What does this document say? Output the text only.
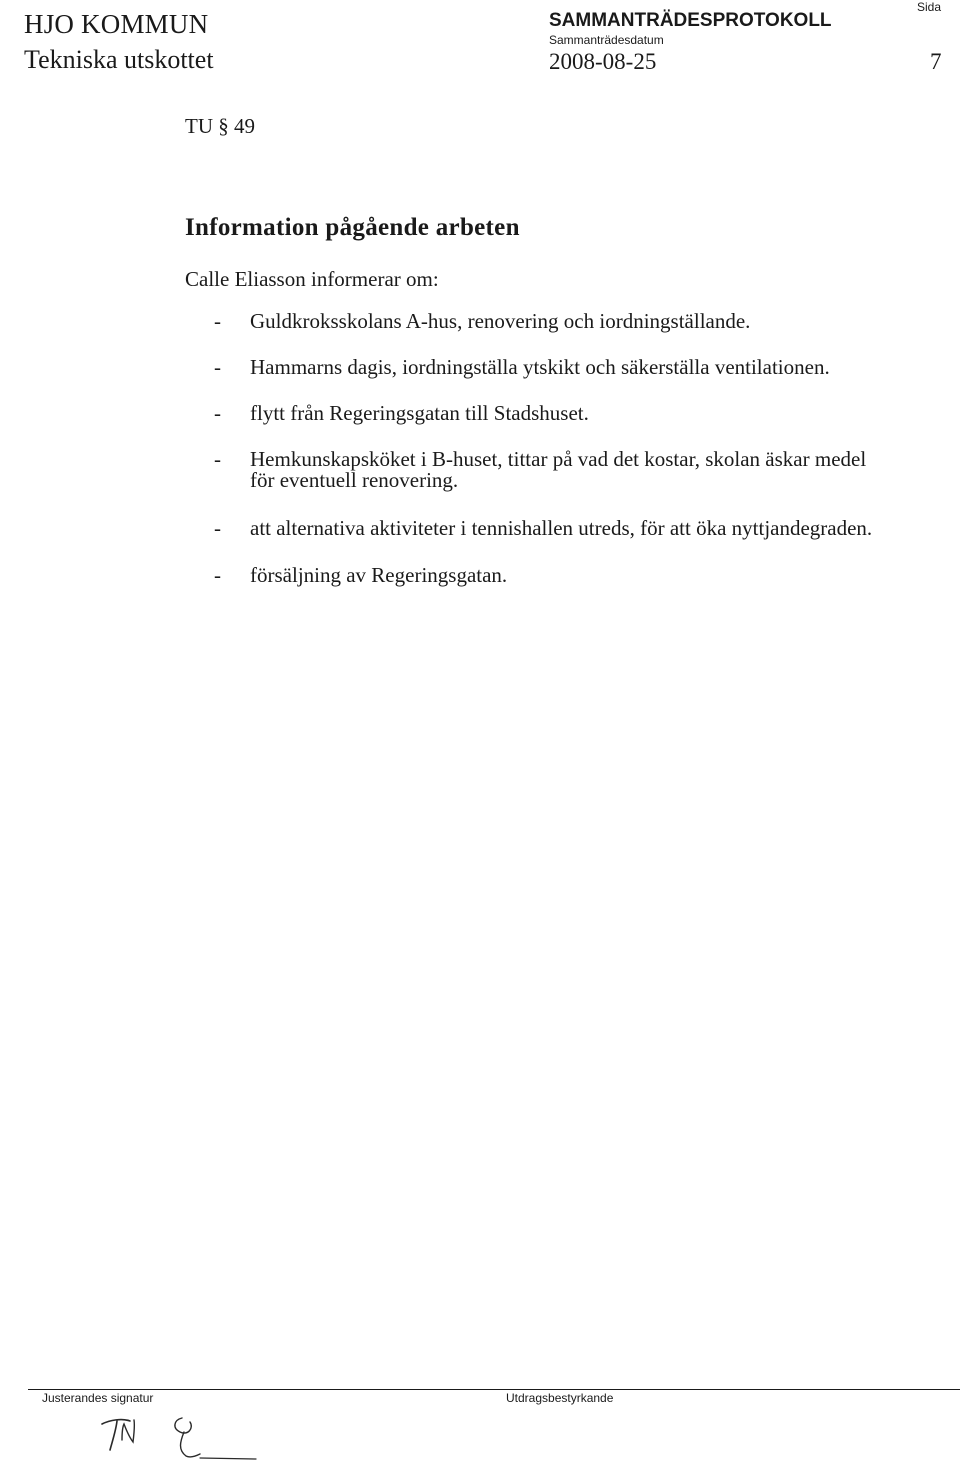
HJO KOMMUN
Tekniska utskottet
SAMMANTRÄDESPROTOKOLL
Sammanträdesdatum
2008-08-25
Sida
7
TU § 49
Information pågående arbeten
Calle Eliasson informerar om:
- Guldkroksskolans A-hus, renovering och iordningställande.
- Hammarns dagis, iordningställa ytskikt och säkerställa ventilationen.
- flytt från Regeringsgatan till Stadshuset.
- Hemkunskapsköket i B-huset, tittar på vad det kostar, skolan äskar medel
för eventuell renovering.
- att alternativa aktiviteter i tennishallen utreds, för att öka nyttjandegraden.
- försäljning av Regeringsgatan.
Justerandes signatur	Utdragsbestyrkande
